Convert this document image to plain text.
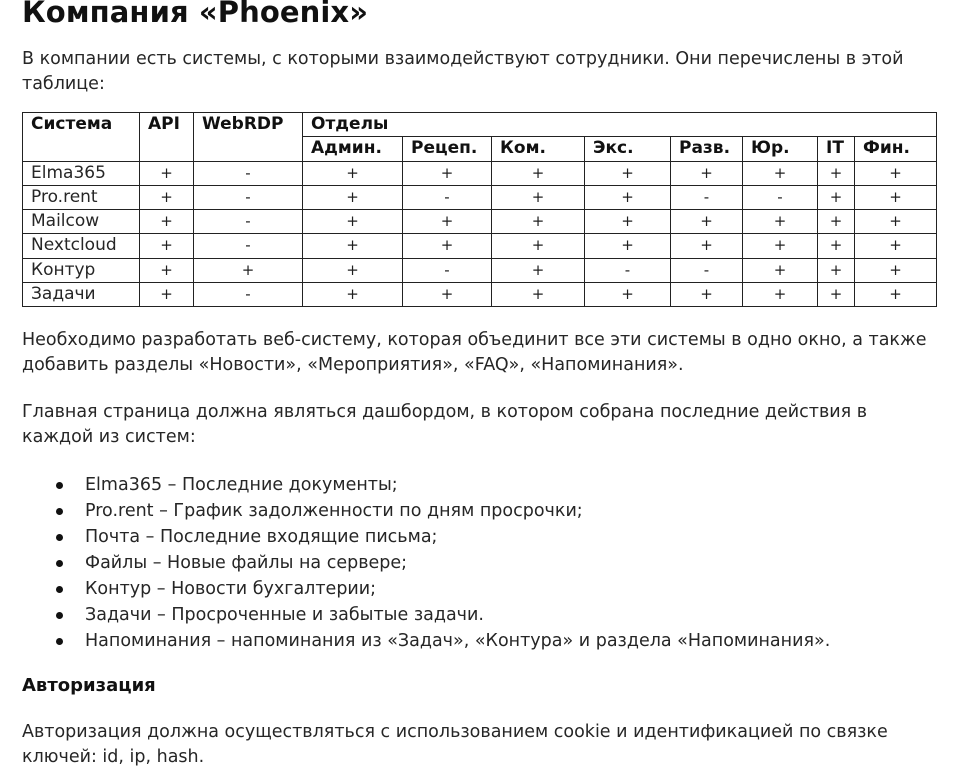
Компания «Phoenix»

В компании есть системы, с которыми взаимодействуют сотрудники. Они перечислены в этой таблице:

Система	API	WebRDP	Отделы							
			Админ.	Рецеп.	Ком.	Экс.	Разв.	Юр.	IT	Фин.
Elma365	+	-	+	+	+	+	+	+	+	+
Pro.rent	+	-	+	-	+	+	-	-	+	+
Mailcow	+	-	+	+	+	+	+	+	+	+
Nextcloud	+	-	+	+	+	+	+	+	+	+
Контур	+	+	+	-	+	-	-	+	+	+
Задачи	+	-	+	+	+	+	+	+	+	+

Необходимо разработать веб-систему, которая объединит все эти системы в одно окно, а также добавить разделы «Новости», «Мероприятия», «FAQ», «Напоминания».

Главная страница должна являться дашбордом, в котором собрана последние действия в каждой из систем:

Elma365 – Последние документы;
Pro.rent – График задолженности по дням просрочки;
Почта – Последние входящие письма;
Файлы – Новые файлы на сервере;
Контур – Новости бухгалтерии;
Задачи – Просроченные и забытые задачи.
Напоминания – напоминания из «Задач», «Контура» и раздела «Напоминания».
Авторизация

Авторизация должна осуществляться с использованием cookie и идентификацией по связке ключей: id, ip, hash.
